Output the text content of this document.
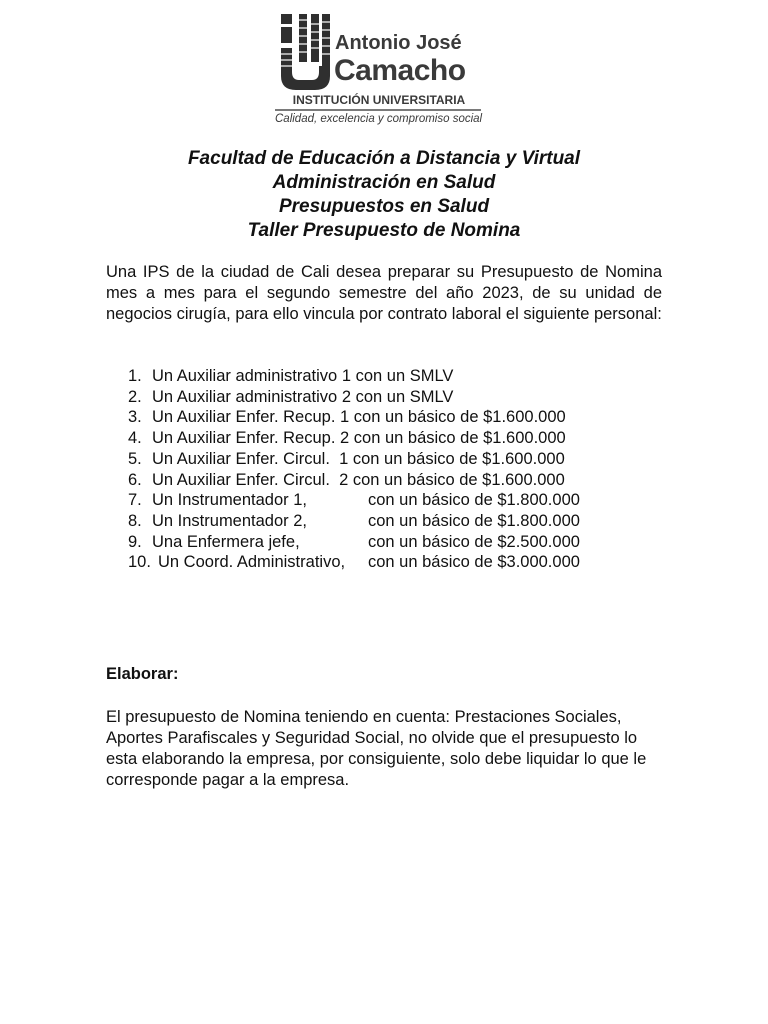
Antonio José
Camacho
INSTITUCIÓN UNIVERSITARIA
Calidad, excelencia y compromiso social
Facultad de Educación a Distancia y Virtual
Administración en Salud
Presupuestos en Salud
Taller Presupuesto de Nomina

Una IPS de la ciudad de Cali desea preparar su Presupuesto de Nomina mes a mes para el segundo semestre del año 2023, de su unidad de negocios cirugía, para ello vincula por contrato laboral el siguiente personal:

1. Un Auxiliar administrativo 1
con un SMLV
2. Un Auxiliar administrativo 2
con un SMLV
3. Un Auxiliar Enfer. Recup. 1
con un básico de $1.600.000
4. Un Auxiliar Enfer. Recup. 2
con un básico de $1.600.000
5. Un Auxiliar Enfer. Circul.  1
con un básico de $1.600.000
6. Un Auxiliar Enfer. Circul.  2
con un básico de $1.600.000
7. Un Instrumentador 1,	con un básico de $1.800.000
8. Un Instrumentador 2,	con un básico de $1.800.000
9. Una Enfermera jefe,	con un básico de $2.500.000
10. Un Coord. Administrativo,	con un básico de $3.000.000

Elaborar:

El presupuesto de Nomina teniendo en cuenta: Prestaciones Sociales, Aportes Parafiscales y Seguridad Social, no olvide que el presupuesto lo esta elaborando la empresa, por consiguiente, solo debe liquidar lo que le corresponde pagar a la empresa.
